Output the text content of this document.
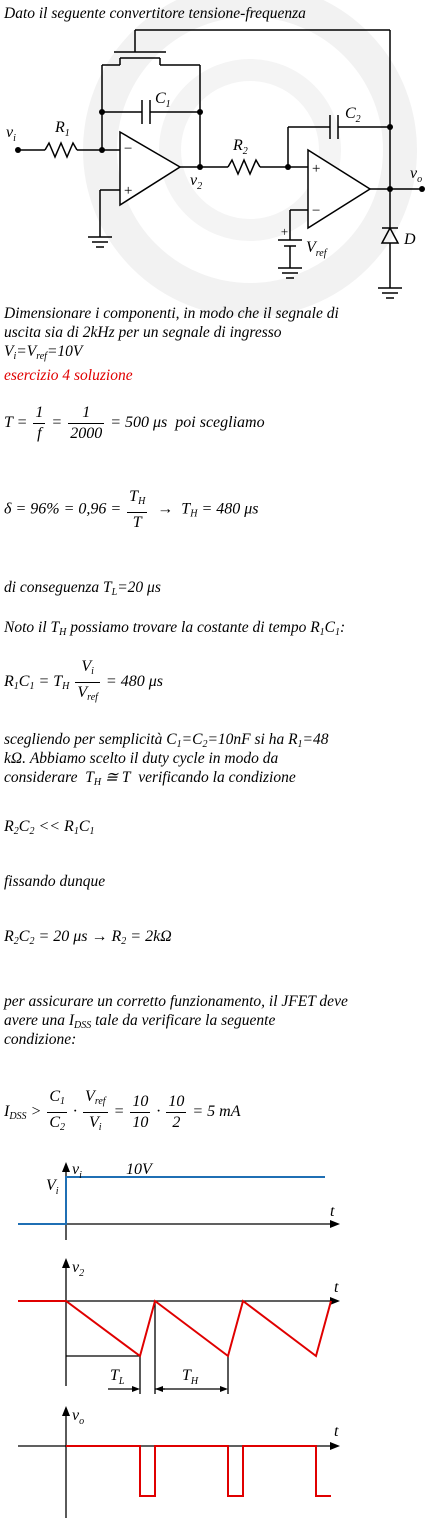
Dato il seguente convertitore tensione-frequenza
$v_i$
$R_1$
$C_1$
$R_2$
$C_2$
$v_2$
$v_o$
$V_{ref}$
D
−
+
+
−
+
Dimensionare i componenti, in modo che il segnale di
uscita sia di 2kHz per un segnale di ingresso
$V_i=V_{ref}=10V$
esercizio 4 soluzione
$T = \frac{1}{f} = \frac{1}{2000} = 500$ μs poi scegliamo
$\delta = 96\% = 0,96 = \frac{T_H}{T} \to T_H = 480$ μs
di conseguenza $T_L=20$ μs
Noto il $T_H$ possiamo trovare la costante di tempo $R_1C_1$:
$R_1C_1 = T_H \frac{V_i}{V_{ref}} = 480$ μs
scegliendo per semplicità $C_1=C_2=10nF$ si ha $R_1=48$
kΩ. Abbiamo scelto il duty cycle in modo da
considerare $T_H$ ≅ T verificando la condizione
$R_2C_2 << R_1C_1$
fissando dunque
$R_2C_2 = 20$ $\mu s \to R_2 = 2k\Omega$
per assicurare un corretto funzionamento, il JFET deve
avere una $I_{DSS}$ tale da verificare la seguente
condizione:
$I_{DSS} > \frac{C_1}{C_2} \cdot \frac{V_{ref}}{V_i} = \frac{10}{10} \cdot \frac{10}{2} = 5$ mA
$v_i$
$V_i$
10V
t
$v_2$
t
$T_L$	$T_H$
$v_o$
t
